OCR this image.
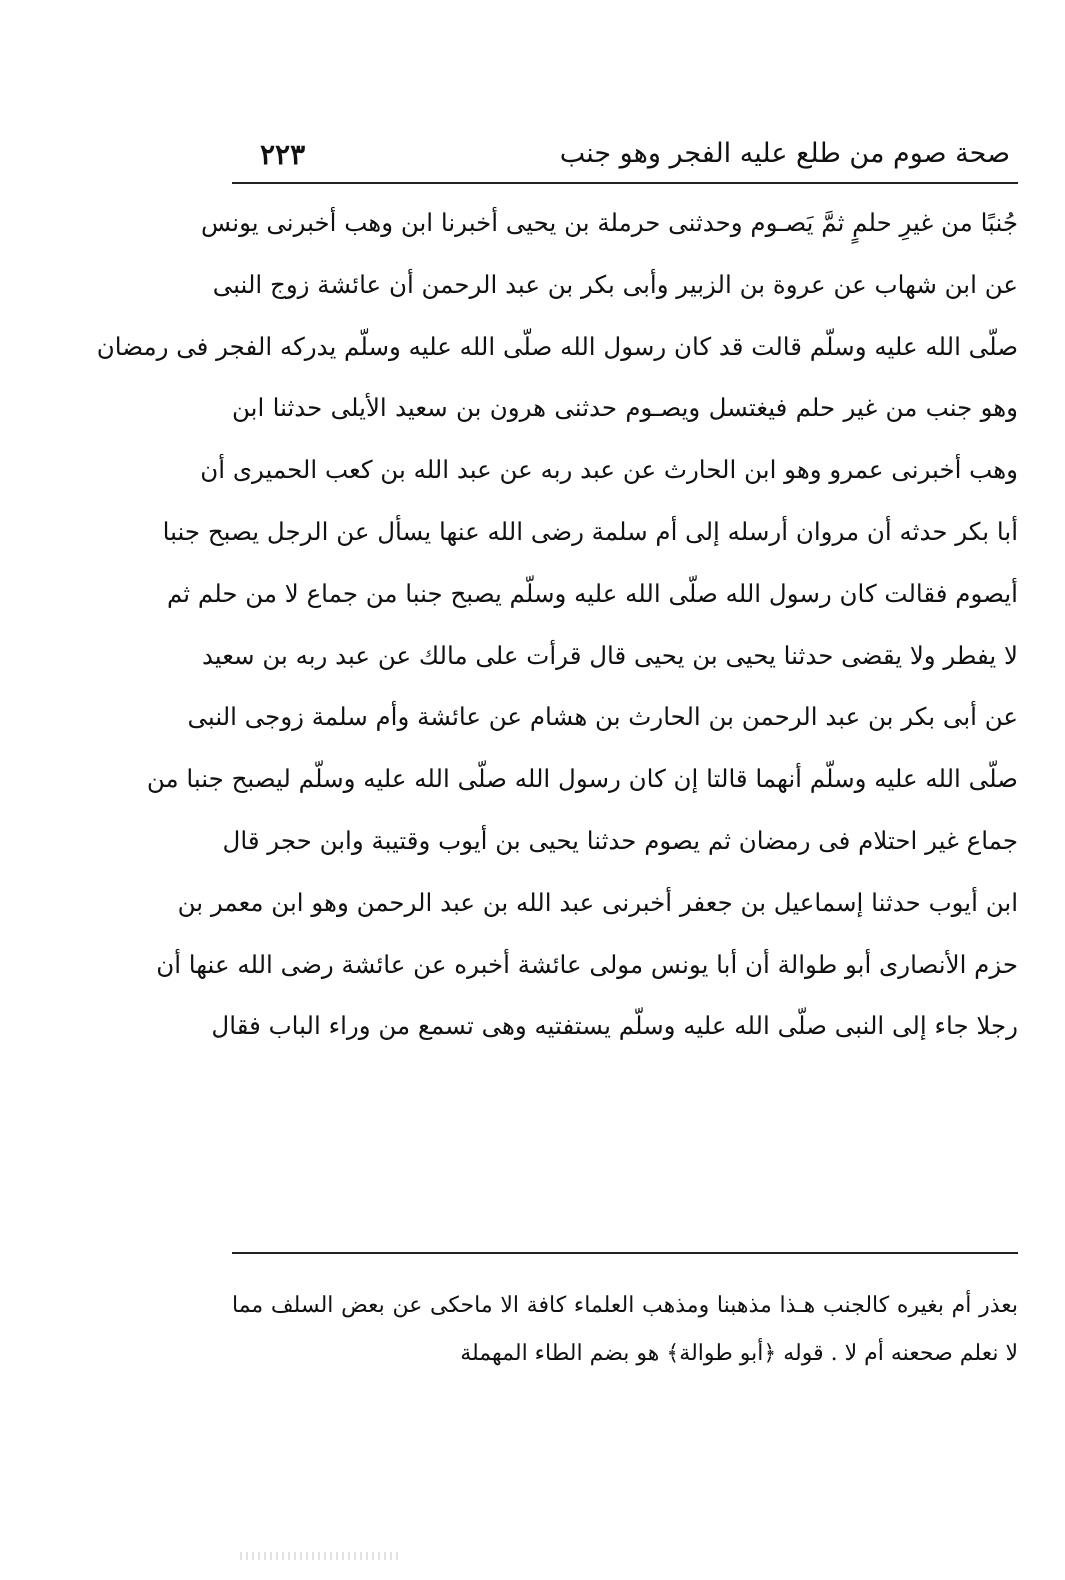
صحة صوم من طلع عليه الفجر وهو جنب
٢٢٣
جُنبًا من غيرِ حلمٍ ثمَّ يَصـوم وحدثنى حرملة بن يحيى أخبرنا ابن وهب أخبرنى يونس
عن ابن شهاب عن عروة بن الزبير وأبى بكر بن عبد الرحمن أن عائشة زوج النبى
صلّى الله عليه وسلّم قالت قد كان رسول الله صلّى الله عليه وسلّم يدركه الفجر فى رمضان
وهو جنب من غير حلم فيغتسل ويصـوم حدثنى هرون بن سعيد الأيلى حدثنا ابن
وهب أخبرنى عمرو وهو ابن الحارث عن عبد ربه عن عبد الله بن كعب الحميرى أن
أبا بكر حدثه أن مروان أرسله إلى أم سلمة رضى الله عنها يسأل عن الرجل يصبح جنبا
أيصوم فقالت كان رسول الله صلّى الله عليه وسلّم يصبح جنبا من جماع لا من حلم ثم
لا يفطر ولا يقضى حدثنا يحيى بن يحيى قال قرأت على مالك عن عبد ربه بن سعيد
عن أبى بكر بن عبد الرحمن بن الحارث بن هشام عن عائشة وأم سلمة زوجى النبى
صلّى الله عليه وسلّم أنهما قالتا إن كان رسول الله صلّى الله عليه وسلّم ليصبح جنبا من
جماع غير احتلام فى رمضان ثم يصوم حدثنا يحيى بن أيوب وقتيبة وابن حجر قال
ابن أيوب حدثنا إسماعيل بن جعفر أخبرنى عبد الله بن عبد الرحمن وهو ابن معمر بن
حزم الأنصارى أبو طوالة أن أبا يونس مولى عائشة أخبره عن عائشة رضى الله عنها أن
رجلا جاء إلى النبى صلّى الله عليه وسلّم يستفتيه وهى تسمع من وراء الباب فقال
بعذر أم بغيره كالجنب هـذا مذهبنا ومذهب العلماء كافة الا ماحكى عن بعض السلف مما
لا نعلم صحعنه أم لا . قوله ﴿أبو طوالة﴾ هو بضم الطاء المهملة
